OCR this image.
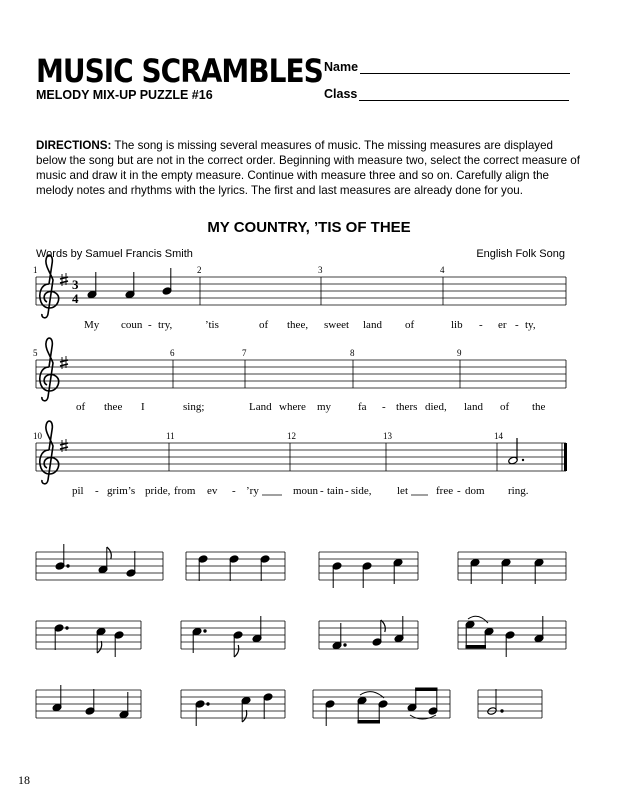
MUSIC SCRAMBLES
MELODY MIX-UP PUZZLE #16
Name
Class
DIRECTIONS: The song is missing several measures of music. The missing measures are displayed below the song but are not in the correct order. Beginning with measure two, select the correct measure of music and draw it in the empty measure. Continue with measure three and so on. Carefully align the melody notes and rhythms with the lyrics. The first and last measures are already done for you.
MY COUNTRY, ’TIS OF THEE
Words by Samuel Francis Smith	English Folk Song
3
4
1	2	3	4
My coun - try,	’tis	of thee, sweet land of	lib - er - ty,
5	6	7	8	9
of thee I	sing;	Land where my fa - thers died, land of the
10	11	12	13	14
pil - grim’s pride, from ev - ’ry	moun - tain - side, let	free - dom ring.
18
